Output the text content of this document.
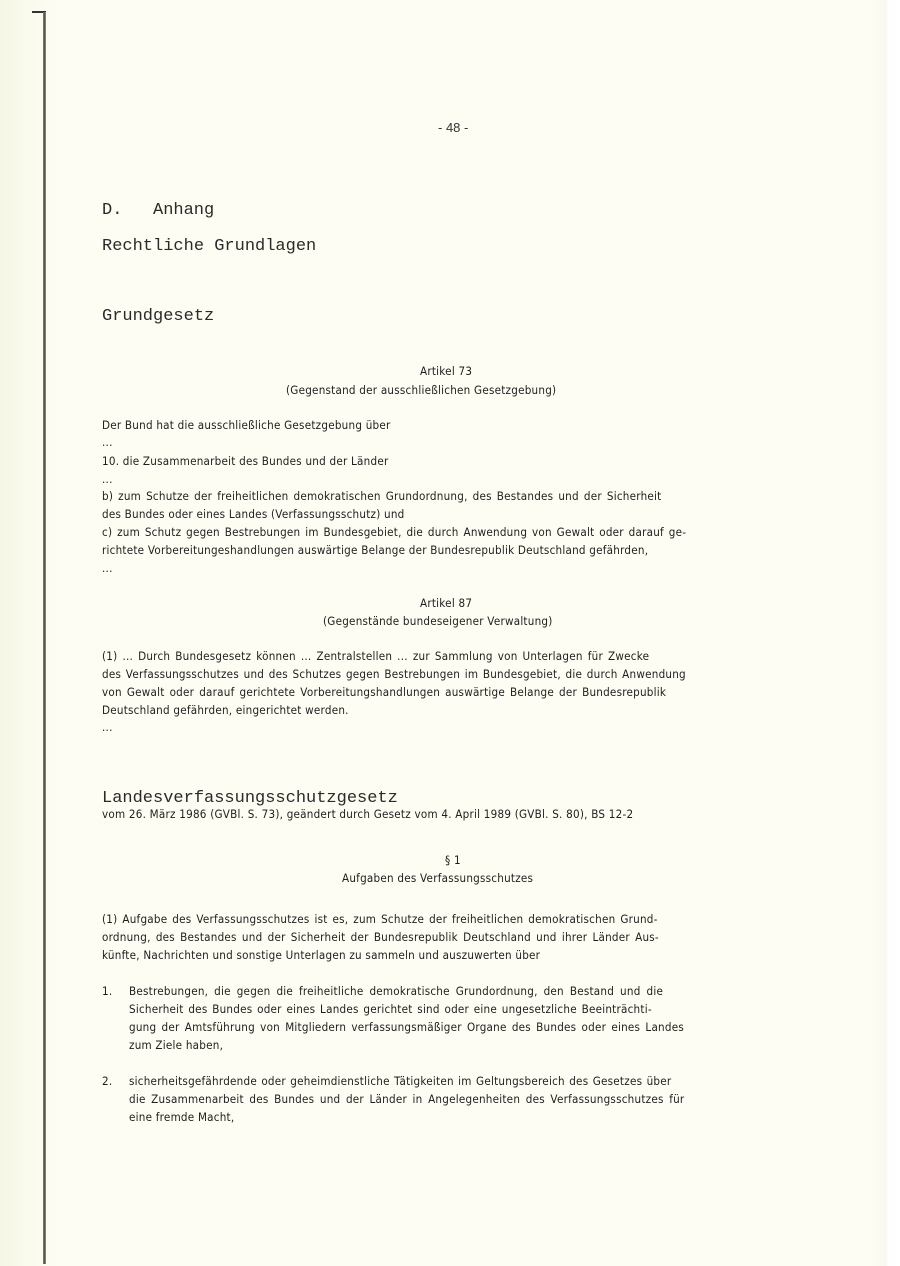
- 48 -
D. Anhang
Rechtliche Grundlagen
Grundgesetz
Artikel 73
(Gegenstand der ausschließlichen Gesetzgebung)
Der Bund hat die ausschließliche Gesetzgebung über
...
10. die Zusammenarbeit des Bundes und der Länder
...
b) zum Schutze der freiheitlichen demokratischen Grundordnung, des Bestandes und der Sicherheit
des Bundes oder eines Landes (Verfassungsschutz) und
c) zum Schutz gegen Bestrebungen im Bundesgebiet, die durch Anwendung von Gewalt oder darauf ge-
richtete Vorbereitungeshandlungen auswärtige Belange der Bundesrepublik Deutschland gefährden,
...
Artikel 87
(Gegenstände bundeseigener Verwaltung)
(1) ... Durch Bundesgesetz können ... Zentralstellen ... zur Sammlung von Unterlagen für Zwecke
des Verfassungsschutzes und des Schutzes gegen Bestrebungen im Bundesgebiet, die durch Anwendung
von Gewalt oder darauf gerichtete Vorbereitungshandlungen auswärtige Belange der Bundesrepublik
Deutschland gefährden, eingerichtet werden.
...
Landesverfassungsschutzgesetz
vom 26. März 1986 (GVBl. S. 73), geändert durch Gesetz vom 4. April 1989 (GVBl. S. 80), BS 12-2
§ 1
Aufgaben des Verfassungsschutzes
(1) Aufgabe des Verfassungsschutzes ist es, zum Schutze der freiheitlichen demokratischen Grund-
ordnung, des Bestandes und der Sicherheit der Bundesrepublik Deutschland und ihrer Länder Aus-
künfte, Nachrichten und sonstige Unterlagen zu sammeln und auszuwerten über
1. Bestrebungen, die gegen die freiheitliche demokratische Grundordnung, den Bestand und die
Sicherheit des Bundes oder eines Landes gerichtet sind oder eine ungesetzliche Beeinträchti-
gung der Amtsführung von Mitgliedern verfassungsmäßiger Organe des Bundes oder eines Landes
zum Ziele haben,
2. sicherheitsgefährdende oder geheimdienstliche Tätigkeiten im Geltungsbereich des Gesetzes über
die Zusammenarbeit des Bundes und der Länder in Angelegenheiten des Verfassungsschutzes für
eine fremde Macht,
